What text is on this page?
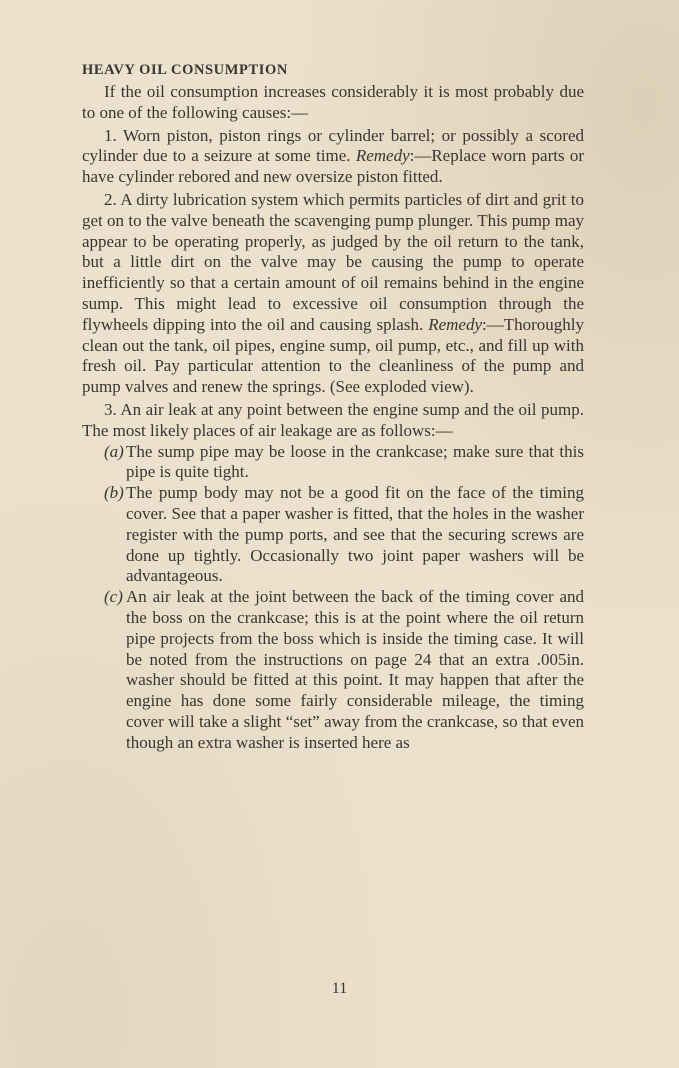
HEAVY OIL CONSUMPTION

If the oil consumption increases considerably it is most probably due to one of the following causes:—

1. Worn piston, piston rings or cylinder barrel; or possibly a scored cylinder due to a seizure at some time. Remedy:—Replace worn parts or have cylinder rebored and new oversize piston fitted.

2. A dirty lubrication system which permits particles of dirt and grit to get on to the valve beneath the scavenging pump plunger. This pump may appear to be operating properly, as judged by the oil return to the tank, but a little dirt on the valve may be causing the pump to operate inefficiently so that a certain amount of oil remains behind in the engine sump. This might lead to excessive oil consumption through the flywheels dipping into the oil and causing splash. Remedy:—Thoroughly clean out the tank, oil pipes, engine sump, oil pump, etc., and fill up with fresh oil. Pay particular attention to the cleanliness of the pump and pump valves and renew the springs. (See exploded view).

3. An air leak at any point between the engine sump and the oil pump. The most likely places of air leakage are as follows:—

(a) The sump pipe may be loose in the crankcase; make sure that this pipe is quite tight.
(b) The pump body may not be a good fit on the face of the timing cover. See that a paper washer is fitted, that the holes in the washer register with the pump ports, and see that the securing screws are done up tightly. Occasionally two joint paper washers will be advantageous.
(c) An air leak at the joint between the back of the timing cover and the boss on the crankcase; this is at the point where the oil return pipe projects from the boss which is inside the timing case. It will be noted from the instructions on page 24 that an extra .005in. washer should be fitted at this point. It may happen that after the engine has done some fairly considerable mileage, the timing cover will take a slight “set” away from the crankcase, so that even though an extra washer is inserted here as
11
